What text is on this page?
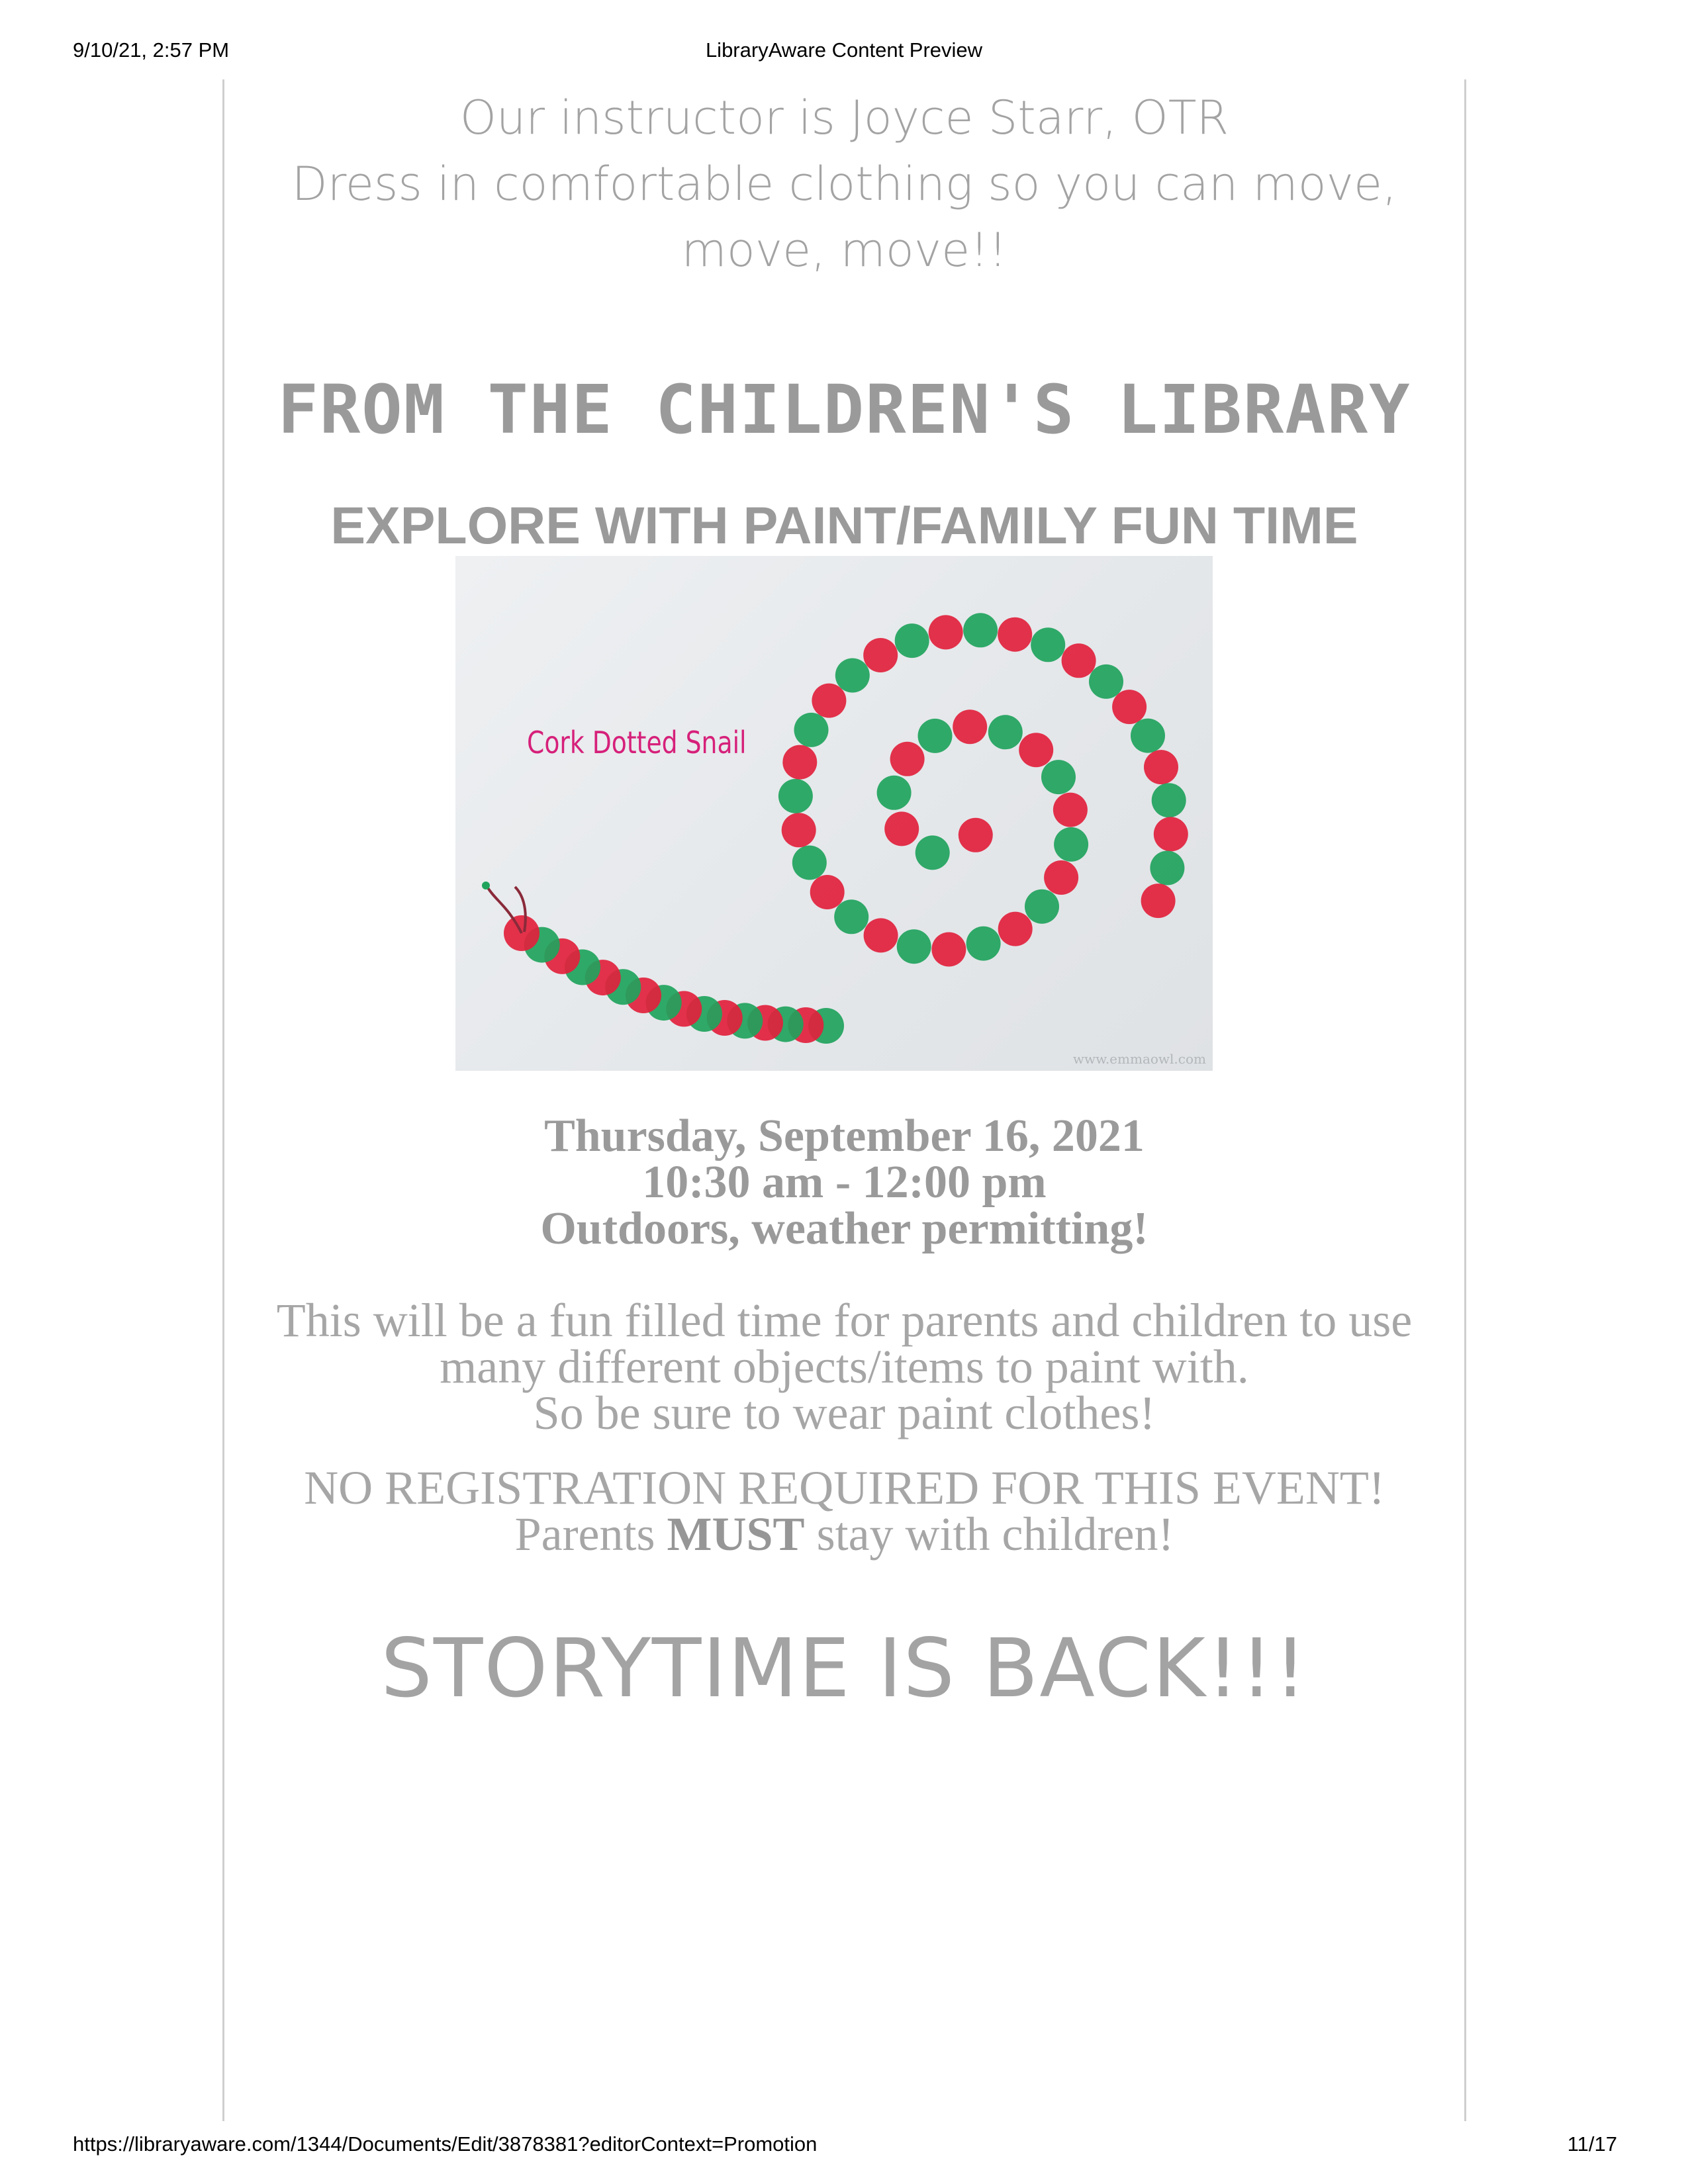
9/10/21, 2:57 PM	LibraryAware Content Preview
Our instructor is Joyce Starr, OTR
Dress in comfortable clothing so you can move, move, move!!
FROM THE CHILDREN'S LIBRARY
EXPLORE WITH PAINT/FAMILY FUN TIME
Cork Dotted Snail
www.emmaowl.com
Thursday, September 16, 2021
10:30 am - 12:00 pm
Outdoors, weather permitting!
This will be a fun filled time for parents and children to use many different objects/items to paint with.
So be sure to wear paint clothes!
NO REGISTRATION REQUIRED FOR THIS EVENT!
Parents MUST stay with children!
STORYTIME IS BACK!!!
https://libraryaware.com/1344/Documents/Edit/3878381?editorContext=Promotion	11/17
